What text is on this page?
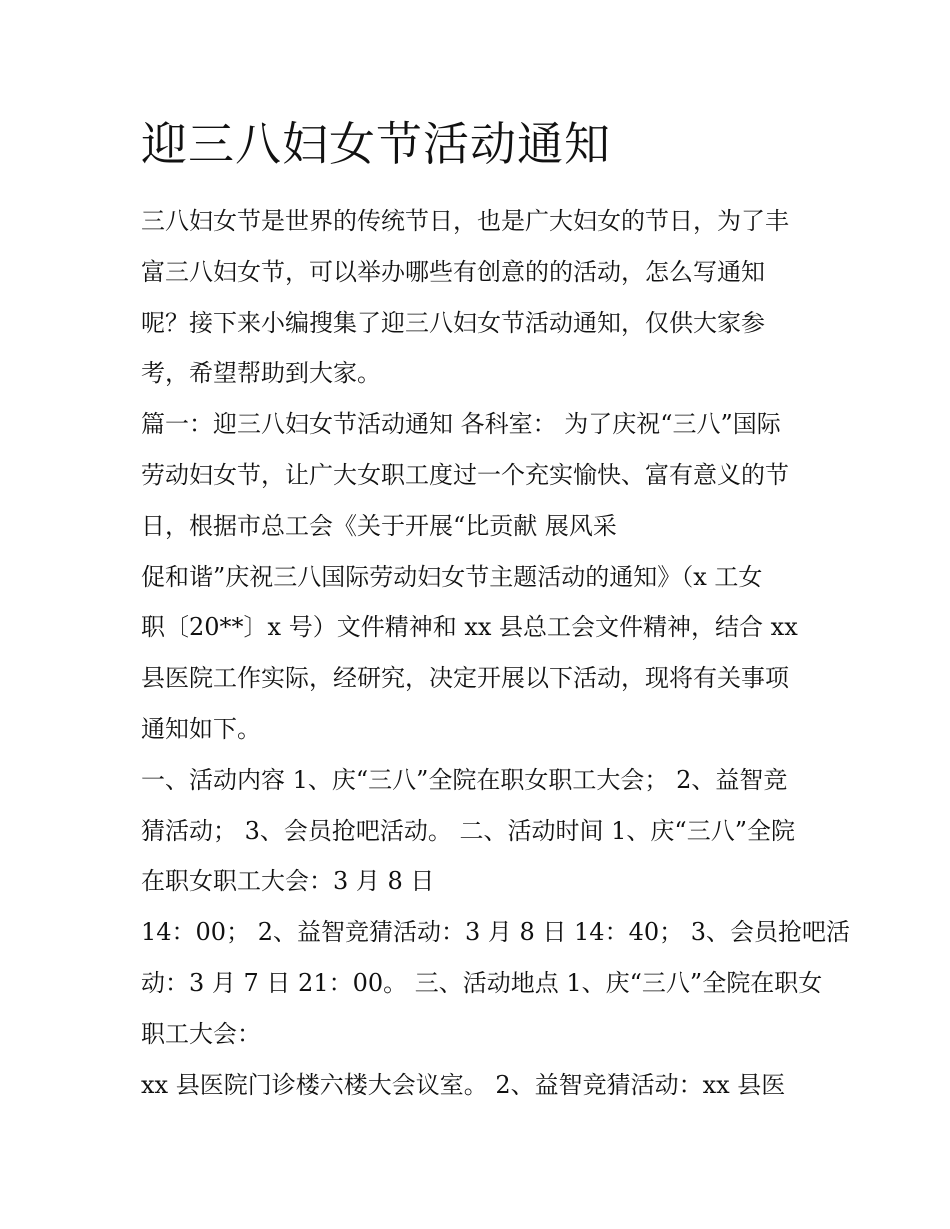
迎三八妇女节活动通知
三八妇女节是世界的传统节日，也是广大妇女的节日，为了丰
富三八妇女节，可以举办哪些有创意的的活动，怎么写通知
呢？接下来小编搜集了迎三八妇女节活动通知，仅供大家参
考，希望帮助到大家。
篇一：迎三八妇女节活动通知 各科室： 为了庆祝“三八”国际
劳动妇女节，让广大女职工度过一个充实愉快、富有意义的节
日，根据市总工会《关于开展“比贡献 展风采
促和谐”庆祝三八国际劳动妇女节主题活动的通知》（x 工女
职〔20**〕x 号）文件精神和 xx 县总工会文件精神，结合 xx
县医院工作实际，经研究，决定开展以下活动，现将有关事项
通知如下。
一、活动内容 1、庆“三八”全院在职女职工大会； 2、益智竞
猜活动； 3、会员抢吧活动。 二、活动时间 1、庆“三八”全院
在职女职工大会：3 月 8 日
14：00； 2、益智竞猜活动：3 月 8 日 14：40； 3、会员抢吧活
动：3 月 7 日 21：00。 三、活动地点 1、庆“三八”全院在职女
职工大会：
xx 县医院门诊楼六楼大会议室。 2、益智竞猜活动：xx 县医
